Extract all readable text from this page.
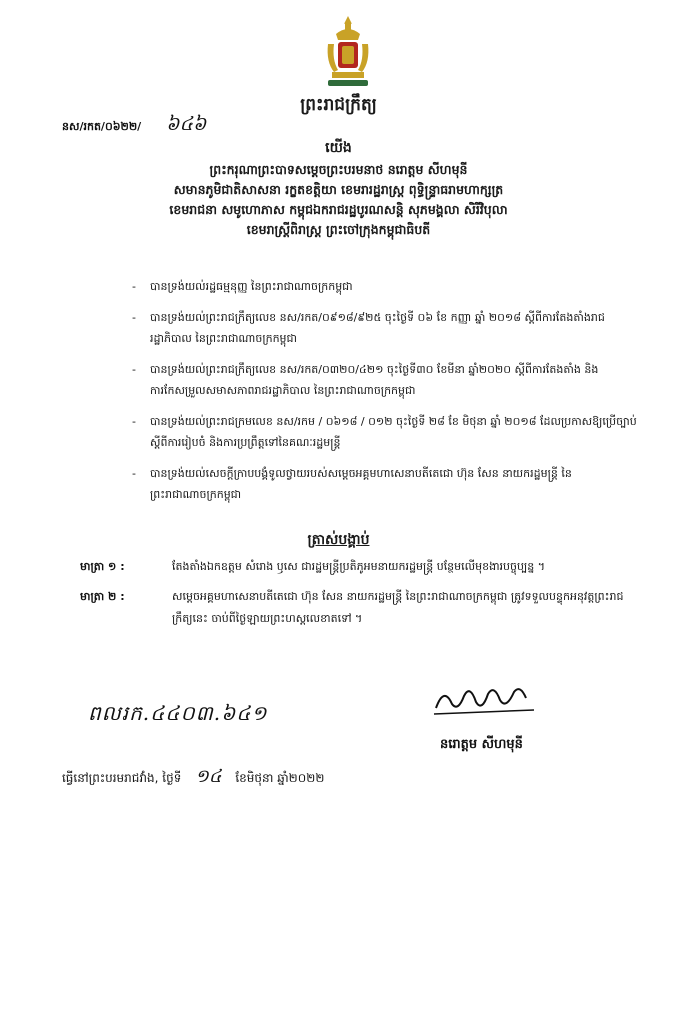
ព្រះរាជក្រឹត្យ
នស/រកត/០៦២២/ ៦៤៦
យើង
ព្រះករុណាព្រះបាទសម្តេចព្រះបរមនាថ នរោត្តម សីហមុនី
សមានភូមិជាតិសាសនា រក្ខតខត្តិយា ខេមរារដ្ឋរាស្ត្រ ពុទ្ធិន្ទ្រាធរាមហាក្សត្រ
ខេមរាជនា សមូហោភាស កម្ពុជឯករាជរដ្ឋបូរណសន្តិ សុភមង្គលា សិរីវិបុលា
ខេមរាស្ត្រីពិរាស្ត្រ ព្រះចៅក្រុងកម្ពុជាធិបតី
- បានទ្រង់យល់រដ្ឋធម្មនុញ្ញ នៃព្រះរាជាណាចក្រកម្ពុជា
- បានទ្រង់យល់ព្រះរាជក្រឹត្យលេខ នស/រកត/០៩១៨/៩២៥ ចុះថ្ងៃទី ០៦ ខែ កញ្ញា ឆ្នាំ ២០១៨ ស្តីពីការតែងតាំងរាជរដ្ឋាភិបាល នៃព្រះរាជាណាចក្រកម្ពុជា
- បានទ្រង់យល់ព្រះរាជក្រឹត្យលេខ នស/រកត/០៣២០/៤២១ ចុះថ្ងៃទី៣០ ខែមីនា ឆ្នាំ២០២០ ស្តីពីការតែងតាំង និងការកែសម្រួលសមាសភាពរាជរដ្ឋាភិបាល នៃព្រះរាជាណាចក្រកម្ពុជា
- បានទ្រង់យល់ព្រះរាជក្រមលេខ នស/រកម / ០៦១៨ / ០១២ ចុះថ្ងៃទី ២៨ ខែ មិថុនា ឆ្នាំ ២០១៨ ដែលប្រកាសឱ្យប្រើច្បាប់ស្តីពីការរៀបចំ និងការប្រព្រឹត្តទៅនៃគណៈរដ្ឋមន្ត្រី
- បានទ្រង់យល់សេចក្តីក្រាបបង្គំទូលថ្វាយរបស់សម្តេចអគ្គមហាសេនាបតីតេជោ ហ៊ុន សែន នាយករដ្ឋមន្ត្រី នៃព្រះរាជាណាចក្រកម្ពុជា
ត្រាស់បង្គាប់
មាត្រា ១ :	តែងតាំងឯកឧត្តម សំរោង ឫសេ ជារដ្ឋមន្ត្រីប្រតិភូអមនាយករដ្ឋមន្ត្រី បន្ថែមលើមុខងារបច្ចុប្បន្ន ។
មាត្រា ២ :	សម្តេចអគ្គមហាសេនាបតីតេជោ ហ៊ុន សែន នាយករដ្ឋមន្ត្រី នៃព្រះរាជាណាចក្រកម្ពុជា ត្រូវទទួលបន្ទុកអនុវត្តព្រះរាជក្រឹត្យនេះ ចាប់ពីថ្ងៃឡាយព្រះហស្តលេខាតទៅ ។
ពលរក.៤៤០៣.៦៤១
នរោត្តម សីហមុនី
ធ្វើនៅព្រះបរមរាជវាំង, ថ្ងៃទី ១៤ ខែមិថុនា ឆ្នាំ២០២២
